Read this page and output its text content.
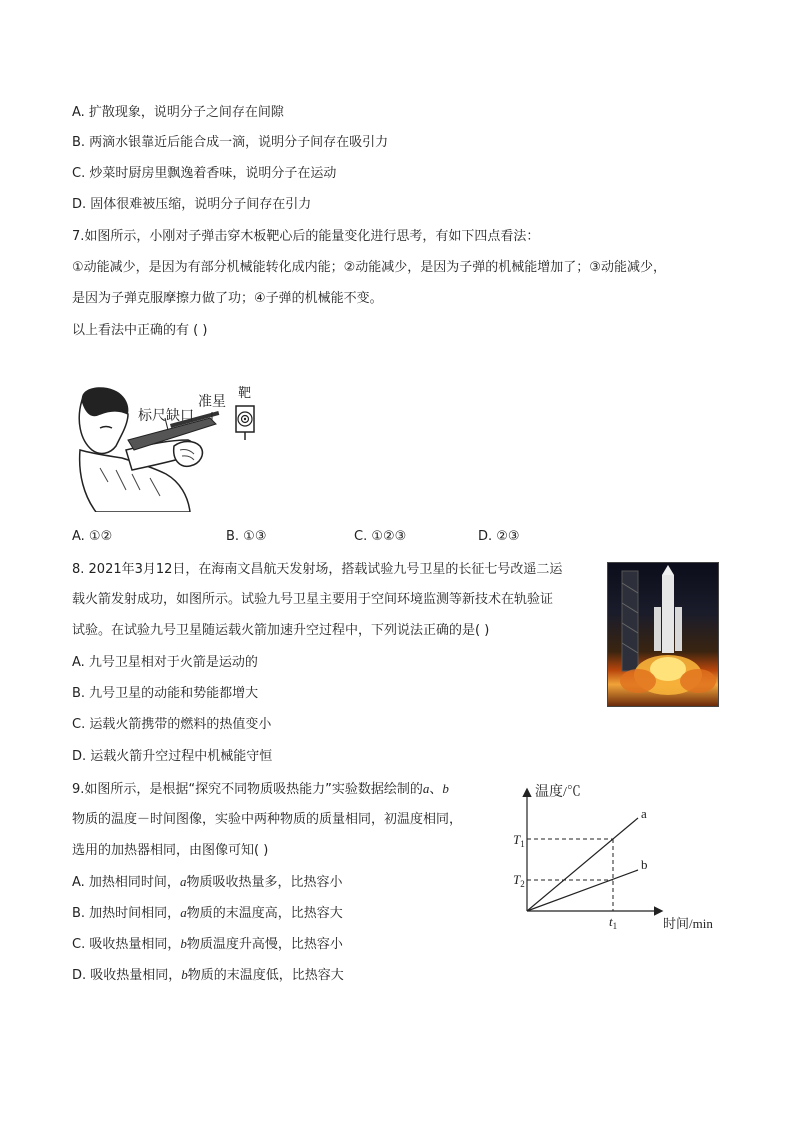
A. 扩散现象，说明分子之间存在间隙
B. 两滴水银靠近后能合成一滴，说明分子间存在吸引力
C. 炒菜时厨房里飘逸着香味，说明分子在运动
D. 固体很难被压缩，说明分子间存在引力
7.如图所示，小刚对子弹击穿木板靶心后的能量变化进行思考，有如下四点看法：
①动能减少，是因为有部分机械能转化成内能；②动能减少，是因为子弹的机械能增加了；③动能减少，
是因为子弹克服摩擦力做了功；④子弹的机械能不变。
以上看法中正确的有 ( )
标尺缺口
准星
靶
A. ①②	B. ①③	C. ①②③	D. ②③
8. 2021年3月12日，在海南文昌航天发射场，搭载试验九号卫星的长征七号改遥二运
载火箭发射成功，如图所示。试验九号卫星主要用于空间环境监测等新技术在轨验证
试验。在试验九号卫星随运载火箭加速升空过程中，下列说法正确的是( )
A. 九号卫星相对于火箭是运动的
B. 九号卫星的动能和势能都增大
C. 运载火箭携带的燃料的热值变小
D. 运载火箭升空过程中机械能守恒
9.如图所示，是根据“探究不同物质吸热能力”实验数据绘制的a、b
物质的温度－时间图像，实验中两种物质的质量相同，初温度相同，
选用的加热器相同，由图像可知( )
A. 加热相同时间，a物质吸收热量多，比热容小
B. 加热时间相同，a物质的末温度高，比热容大
C. 吸收热量相同，b物质温度升高慢，比热容小
D. 吸收热量相同，b物质的末温度低，比热容大
温度/℃
时间/min
a
b
$T_1$
$T_2$
$t_1$
